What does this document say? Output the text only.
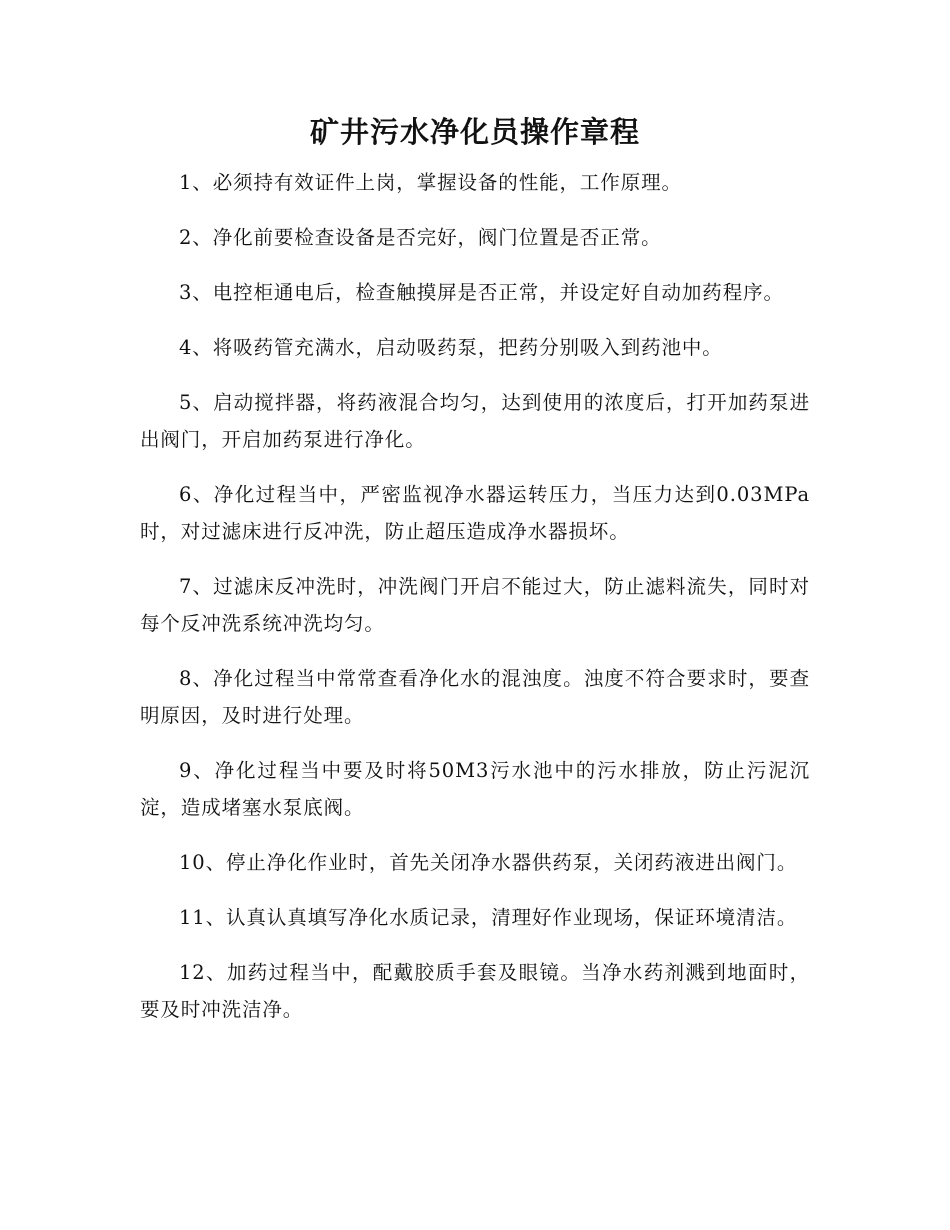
矿井污水净化员操作章程

1、必须持有效证件上岗，掌握设备的性能，工作原理。

2、净化前要检查设备是否完好，阀门位置是否正常。

3、电控柜通电后，检查触摸屏是否正常，并设定好自动加药程序。

4、将吸药管充满水，启动吸药泵，把药分别吸入到药池中。

5、启动搅拌器，将药液混合均匀，达到使用的浓度后，打开加药泵进出阀门，开启加药泵进行净化。

6、净化过程当中，严密监视净水器运转压力，当压力达到0.03MPa时，对过滤床进行反冲洗，防止超压造成净水器损坏。

7、过滤床反冲洗时，冲洗阀门开启不能过大，防止滤料流失，同时对每个反冲洗系统冲洗均匀。

8、净化过程当中常常查看净化水的混浊度。浊度不符合要求时，要查明原因，及时进行处理。

9、净化过程当中要及时将50M3污水池中的污水排放，防止污泥沉淀，造成堵塞水泵底阀。

10、停止净化作业时，首先关闭净水器供药泵，关闭药液进出阀门。

11、认真认真填写净化水质记录，清理好作业现场，保证环境清洁。

12、加药过程当中，配戴胶质手套及眼镜。当净水药剂溅到地面时，要及时冲洗洁净。
